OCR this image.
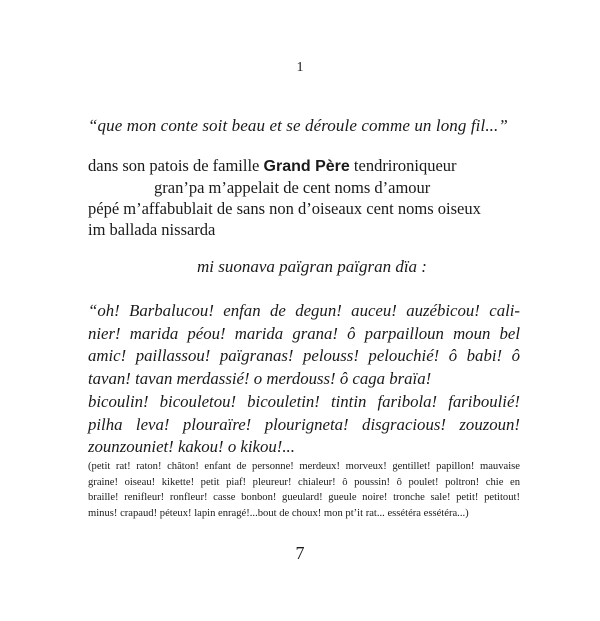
1
“que mon conte soit beau et se déroule comme un long fil...”
dans son patois de famille Grand Père tendrironiqueur
gran’pa m’appelait de cent noms d’amour
pépé m’affabublait de sans non d’oiseaux cent noms oiseux
im ballada nissarda
mi suonava païgran païgran dïa :
“oh! Barbalucou! enfan de degun! auceu! auzébicou! cali-
nier! marida péou! marida grana! ô parpailloun moun bel
amic! paillassou! païgranas! pelouss! pelouchié! ô babi! ô
tavan! tavan merdassié! o merdouss! ô caga braïa!
bicoulin! bicouletou! bicouletin! tintin faribola! fariboulié!
pilha leva! plouraïre! plourigneta! disgracious! zouzoun!
zounzouniet! kakou! o kikou!...
(petit rat! raton! châton! enfant de personne! merdeux! morveux! gentillet! papillon! mauvaise
graine! oiseau! kikette! petit piaf! pleureur! chialeur! ô poussin! ô poulet! poltron! chie en
braille! renifleur! ronfleur! casse bonbon! gueulard! gueule noire! tronche sale! petit! petitout!
minus! crapaud! péteux! lapin enragé!...bout de choux! mon pt’it rat... essétéra essétéra...)
7
